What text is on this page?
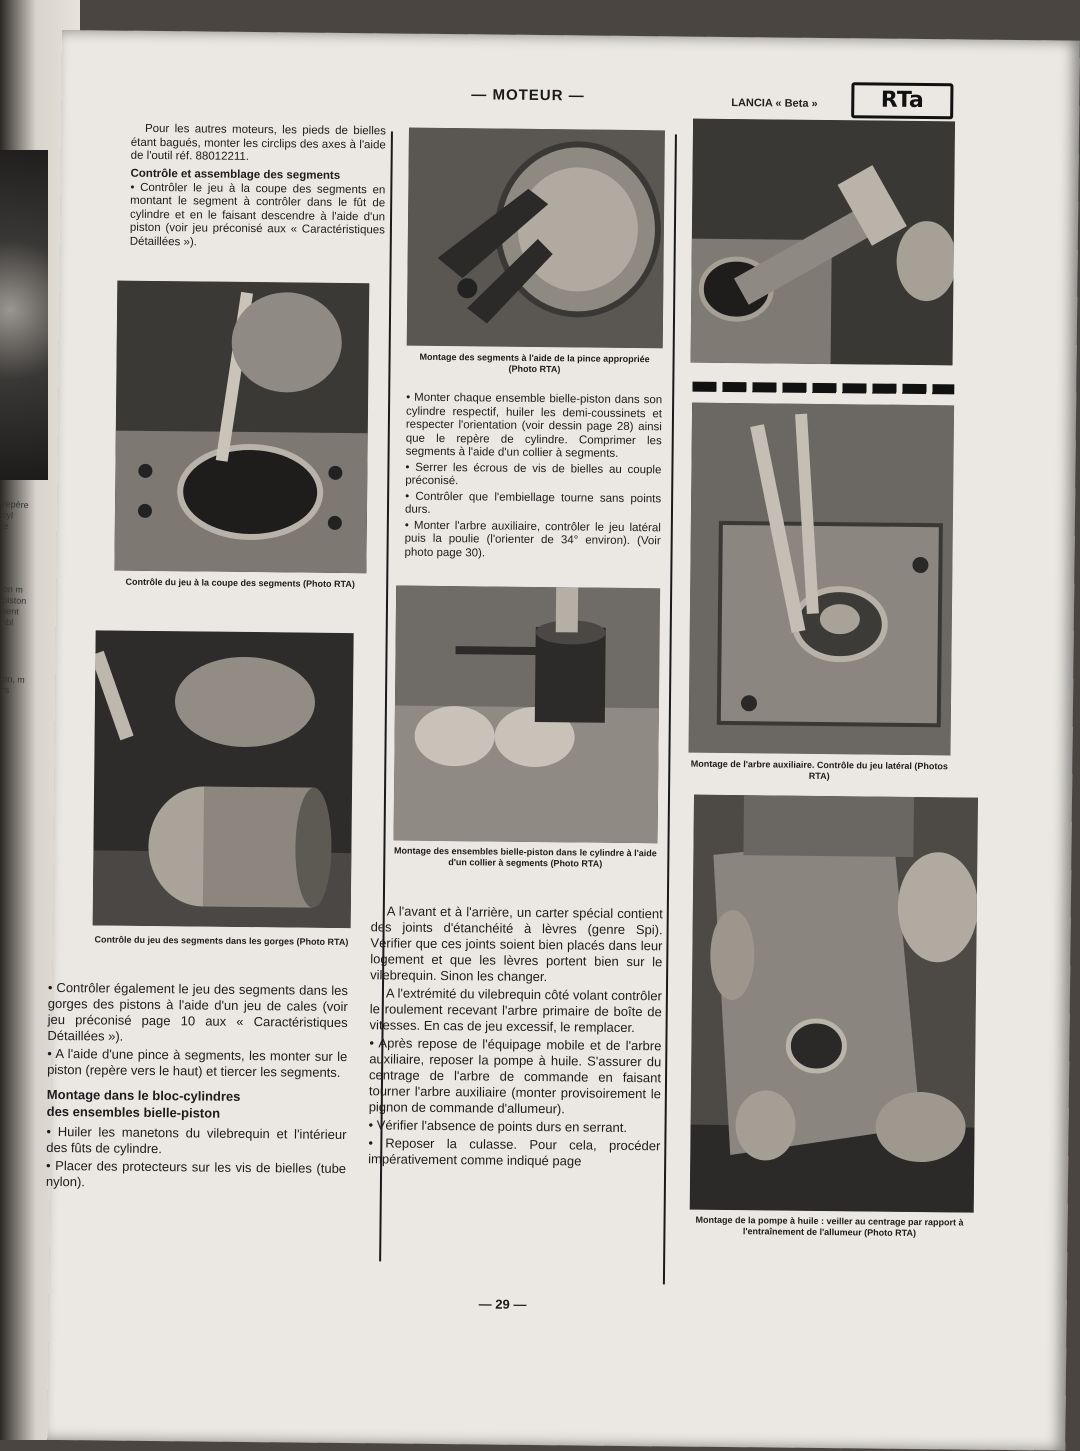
repère
cyl
le
on m
piston
sent
nbl
on, m
rs
— MOTEUR —	LANCIA « Beta »	RTa

Pour les autres moteurs, les pieds de bielles étant bagués, monter les circlips des axes à l'aide de l'outil réf. 88012211.

Contrôle et assemblage des segments

• Contrôler le jeu à la coupe des segments en montant le segment à contrôler dans le fût de cylindre et en le faisant descendre à l'aide d'un piston (voir jeu préconisé aux « Caractéristiques Détaillées »).

Contrôle du jeu à la coupe des segments (Photo RTA)
Contrôle du jeu des segments dans les gorges (Photo RTA)

• Contrôler également le jeu des segments dans les gorges des pistons à l'aide d'un jeu de cales (voir jeu préconisé page 10 aux « Caractéristiques Détaillées »).

• A l'aide d'une pince à segments, les monter sur le piston (repère vers le haut) et tiercer les segments.

Montage dans le bloc-cylindres
des ensembles bielle-piston

• Huiler les manetons du vilebrequin et l'intérieur des fûts de cylindre.

• Placer des protecteurs sur les vis de bielles (tube nylon).

Montage des segments à l'aide de la pince appropriée (Photo RTA)

• Monter chaque ensemble bielle-piston dans son cylindre respectif, huiler les demi-coussinets et respecter l'orientation (voir dessin page 28) ainsi que le repère de cylindre. Comprimer les segments à l'aide d'un collier à segments.

• Serrer les écrous de vis de bielles au couple préconisé.

• Contrôler que l'embiellage tourne sans points durs.

• Monter l'arbre auxiliaire, contrôler le jeu latéral puis la poulie (l'orienter de 34° environ). (Voir photo page 30).

Montage des ensembles bielle-piston dans le cylindre à l'aide d'un collier à segments (Photo RTA)

A l'avant et à l'arrière, un carter spécial contient des joints d'étanchéité à lèvres (genre Spi). Vérifier que ces joints soient bien placés dans leur logement et que les lèvres portent bien sur le vilebrequin. Sinon les changer.

A l'extrémité du vilebrequin côté volant contrôler le roulement recevant l'arbre primaire de boîte de vitesses. En cas de jeu excessif, le remplacer.

• Après repose de l'équipage mobile et de l'arbre auxiliaire, reposer la pompe à huile. S'assurer du centrage de l'arbre de commande en faisant tourner l'arbre auxiliaire (monter provisoirement le pignon de commande d'allumeur).

• Vérifier l'absence de points durs en serrant.

• Reposer la culasse. Pour cela, procéder impérativement comme indiqué page

Montage de l'arbre auxiliaire. Contrôle du jeu latéral (Photos RTA)
Montage de la pompe à huile : veiller au centrage par rapport à l'entraînement de l'allumeur (Photo RTA)
— 29 —
